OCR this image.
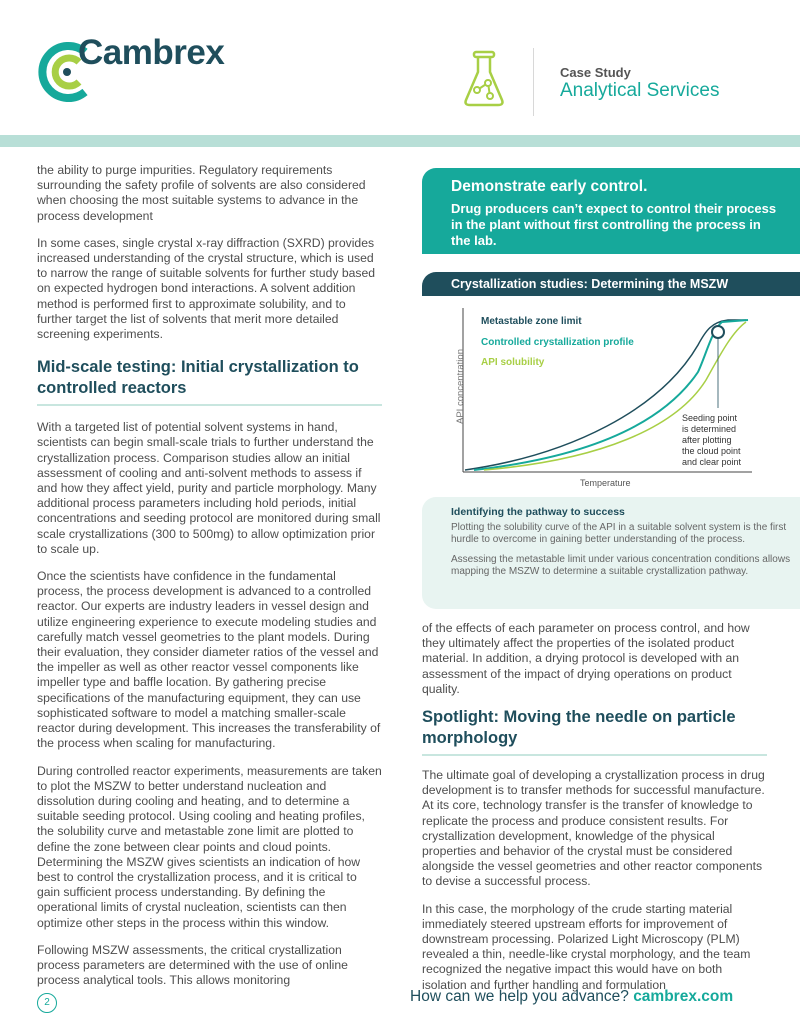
Cambrex
Case Study
Analytical Services

the ability to purge impurities. Regulatory requirements surrounding the safety profile of solvents are also considered when choosing the most suitable systems to advance in the process development

In some cases, single crystal x-ray diffraction (SXRD) provides increased understanding of the crystal structure, which is used to narrow the range of suitable solvents for further study based on expected hydrogen bond interactions. A solvent addition method is performed first to approximate solubility, and to further target the list of solvents that merit more detailed screening experiments.

Mid-scale testing: Initial crystallization to controlled reactors

With a targeted list of potential solvent systems in hand, scientists can begin small-scale trials to further understand the crystallization process. Comparison studies allow an initial assessment of cooling and anti-solvent methods to assess if and how they affect yield, purity and particle morphology. Many additional process parameters including hold periods, initial concentrations and seeding protocol are monitored during small scale crystallizations (300 to 500mg) to allow optimization prior to scale up.

Once the scientists have confidence in the fundamental process, the process development is advanced to a controlled reactor. Our experts are industry leaders in vessel design and utilize engineering experience to execute modeling studies and carefully match vessel geometries to the plant models. During their evaluation, they consider diameter ratios of the vessel and the impeller as well as other reactor vessel components like impeller type and baffle location. By gathering precise specifications of the manufacturing equipment, they can use sophisticated software to model a matching smaller-scale reactor during development. This increases the transferability of the process when scaling for manufacturing.

During controlled reactor experiments, measurements are taken to plot the MSZW to better understand nucleation and dissolution during cooling and heating, and to determine a suitable seeding protocol. Using cooling and heating profiles, the solubility curve and metastable zone limit are plotted to define the zone between clear points and cloud points. Determining the MSZW gives scientists an indication of how best to control the crystallization process, and it is critical to gain sufficient process understanding. By defining the operational limits of crystal nucleation, scientists can then optimize other steps in the process within this window.

Following MSZW assessments, the critical crystallization process parameters are determined with the use of online process analytical tools. This allows monitoring

Demonstrate early control.
Drug producers can’t expect to control their process in the plant without first controlling the process in the lab.
Crystallization studies: Determining the MSZW
API concentration
Temperature
Metastable zone limit
Controlled crystallization profile
API solubility
Seeding point
is determined
after plotting
the cloud point
and clear point
Identifying the pathway to success

Plotting the solubility curve of the API in a suitable solvent system is the first hurdle to overcome in gaining better understanding of the process.

Assessing the metastable limit under various concentration conditions allows mapping the MSZW to determine a suitable crystallization pathway.

of the effects of each parameter on process control, and how they ultimately affect the properties of the isolated product material. In addition, a drying protocol is developed with an assessment of the impact of drying operations on product quality.

Spotlight: Moving the needle on particle morphology

The ultimate goal of developing a crystallization process in drug development is to transfer methods for successful manufacture. At its core, technology transfer is the transfer of knowledge to replicate the process and produce consistent results. For crystallization development, knowledge of the physical properties and behavior of the crystal must be considered alongside the vessel geometries and other reactor components to devise a successful process.

In this case, the morphology of the crude starting material immediately steered upstream efforts for improvement of downstream processing. Polarized Light Microscopy (PLM) revealed a thin, needle-like crystal morphology, and the team recognized the negative impact this would have on both isolation and further handling and formulation

2	How can we help you advance? cambrex.com
